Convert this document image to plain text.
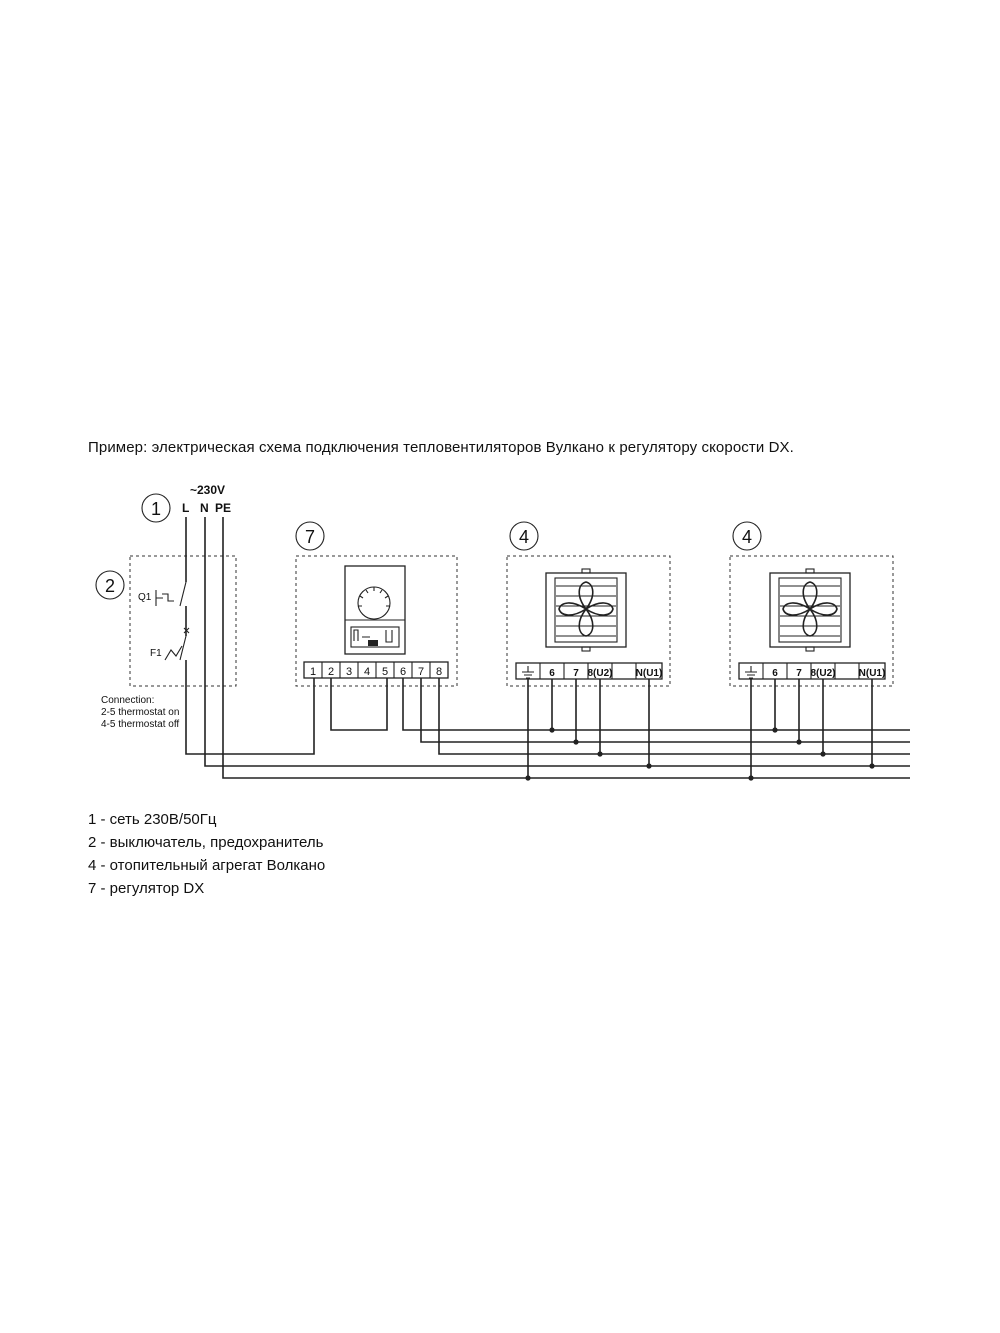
Пример: электрическая схема подключения тепловентиляторов Вулкано к регулятору скорости DX.
~230V
L N PE
1
2
Q1
F1
Connection:
2-5 thermostat on
4-5 thermostat off
7
1 2 3 4 5 6 7 8
4
6 7 8(U2) N(U1)
4
6 7 8(U2) N(U1)
1 - сеть 230В/50Гц
2 - выключатель, предохранитель
4 - отопительный агрегат Волкано
7 - регулятор DX
